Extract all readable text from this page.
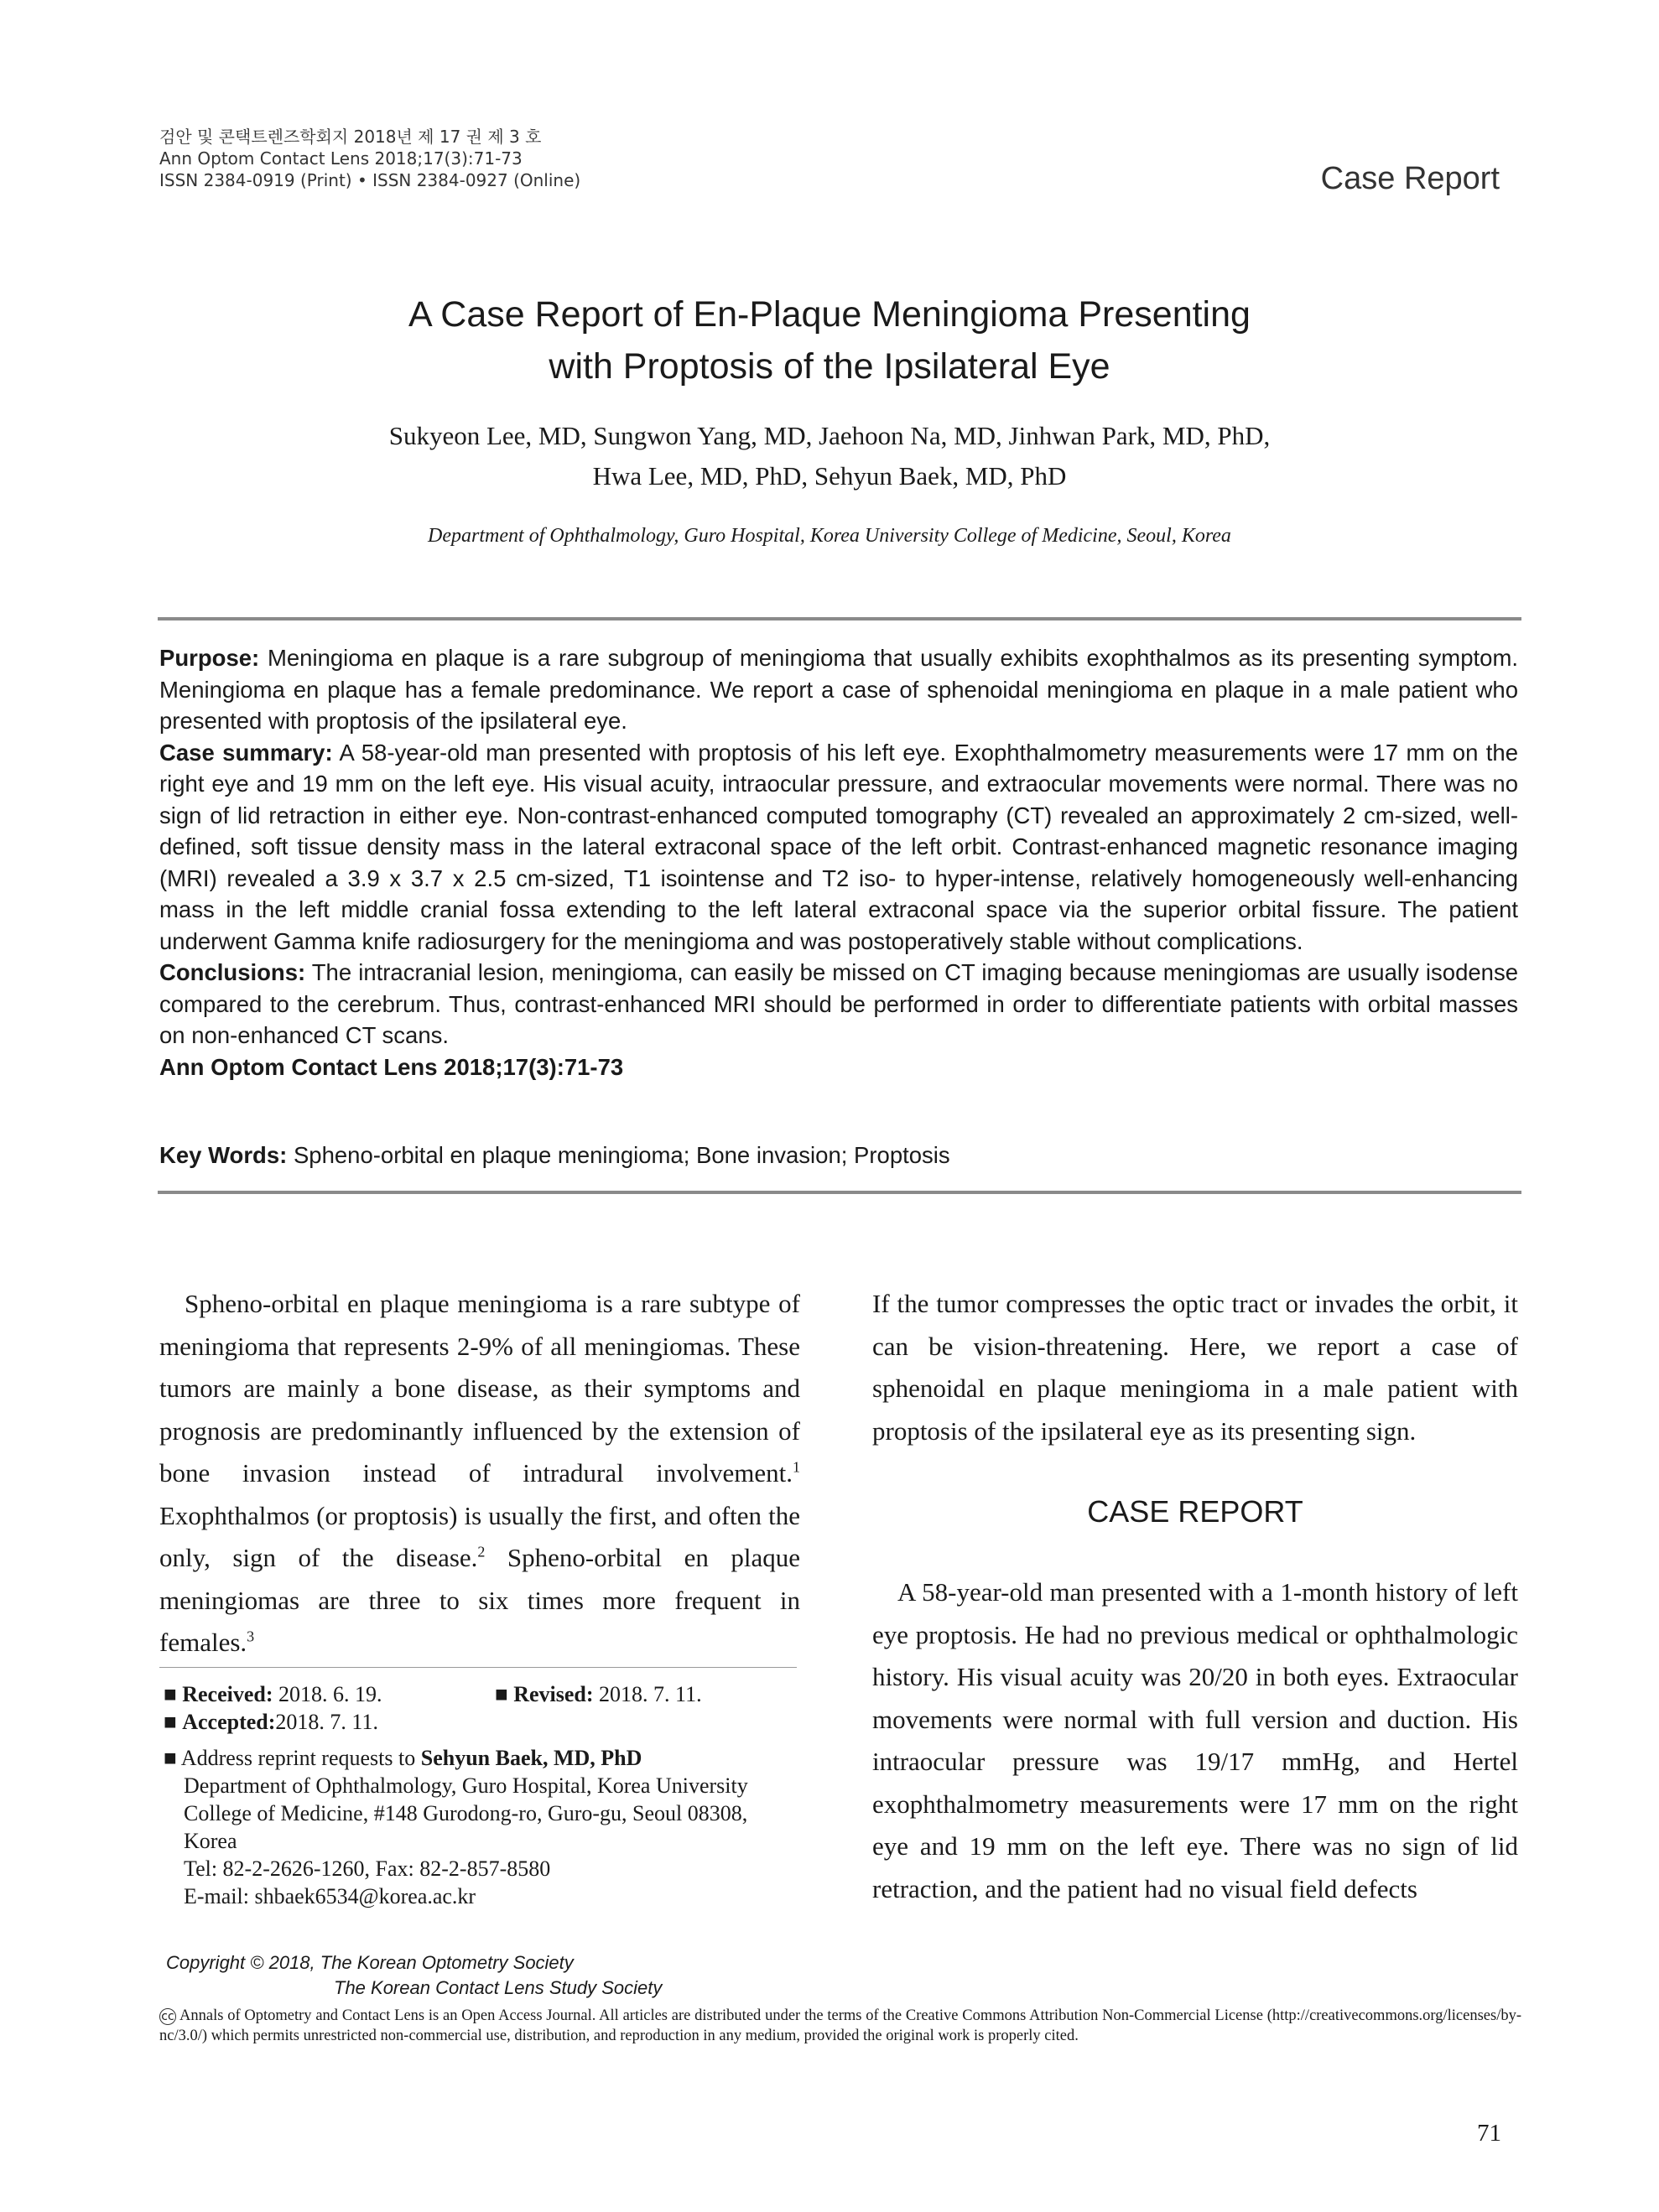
검안 및 콘택트렌즈학회지 2018년 제 17 권 제 3 호
Ann Optom Contact Lens 2018;17(3):71-73
ISSN 2384-0919 (Print) • ISSN 2384-0927 (Online)	Case Report
A Case Report of En-Plaque Meningioma Presenting
with Proptosis of the Ipsilateral Eye
Sukyeon Lee, MD, Sungwon Yang, MD, Jaehoon Na, MD, Jinhwan Park, MD, PhD,
Hwa Lee, MD, PhD, Sehyun Baek, MD, PhD
Department of Ophthalmology, Guro Hospital, Korea University College of Medicine, Seoul, Korea

Purpose: Meningioma en plaque is a rare subgroup of meningioma that usually exhibits exophthalmos as its presenting symptom. Meningioma en plaque has a female predominance. We report a case of sphenoidal meningioma en plaque in a male patient who presented with proptosis of the ipsilateral eye.

Case summary: A 58-year-old man presented with proptosis of his left eye. Exophthalmometry measurements were 17 mm on the right eye and 19 mm on the left eye. His visual acuity, intraocular pressure, and extraocular movements were normal. There was no sign of lid retraction in either eye. Non-contrast-enhanced computed tomography (CT) revealed an approximately 2 cm-sized, well-defined, soft tissue density mass in the lateral extraconal space of the left orbit. Contrast-enhanced magnetic resonance imaging (MRI) revealed a 3.9 x 3.7 x 2.5 cm-sized, T1 isointense and T2 iso- to hyper-intense, relatively homogeneously well-enhancing mass in the left middle cranial fossa extending to the left lateral extraconal space via the superior orbital fissure. The patient underwent Gamma knife radiosurgery for the meningioma and was postoperatively stable without complications.

Conclusions: The intracranial lesion, meningioma, can easily be missed on CT imaging because meningiomas are usually isodense compared to the cerebrum. Thus, contrast-enhanced MRI should be performed in order to differentiate patients with orbital masses on non-enhanced CT scans.

Ann Optom Contact Lens 2018;17(3):71-73

Key Words: Spheno-orbital en plaque meningioma; Bone invasion; Proptosis

Spheno-orbital en plaque meningioma is a rare subtype of meningioma that represents 2-9% of all meningiomas. These tumors are mainly a bone disease, as their symptoms and prognosis are predominantly influenced by the extension of bone invasion instead of intradural involvement.$^1$ Exophthalmos (or proptosis) is usually the first, and often the only, sign of the disease.$^2$ Spheno-orbital en plaque meningiomas are three to six times more frequent in females.$^3$

If the tumor compresses the optic tract or invades the orbit, it can be vision-threatening. Here, we report a case of sphenoidal en plaque meningioma in a male patient with proptosis of the ipsilateral eye as its presenting sign.

CASE REPORT

A 58-year-old man presented with a 1-month history of left eye proptosis. He had no previous medical or ophthalmologic history. His visual acuity was 20/20 in both eyes. Extraocular movements were normal with full version and duction. His intraocular pressure was 19/17 mmHg, and Hertel exophthalmometry measurements were 17 mm on the right eye and 19 mm on the left eye. There was no sign of lid retraction, and the patient had no visual field defects

■ Received: 2018. 6. 19.	■ Revised: 2018. 7. 11.
■
Accepted: 2018. 7. 11.
■ Address reprint requests to Sehyun Baek, MD, PhD
Department of Ophthalmology, Guro Hospital, Korea University
College of Medicine, #148 Gurodong-ro, Guro-gu, Seoul 08308,
Korea
Tel: 82-2-2626-1260, Fax: 82-2-857-8580
E-mail: shbaek6534@korea.ac.kr
Copyright © 2018, The Korean Optometry Society
The Korean Contact Lens Study Society
cc Annals of Optometry and Contact Lens is an Open Access Journal. All articles are distributed under the terms of the Creative Commons Attribution Non-Commercial License (http://creativecommons.org/licenses/by-nc/3.0/) which permits unrestricted non-commercial use, distribution, and reproduction in any medium, provided the original work is properly cited.
71
